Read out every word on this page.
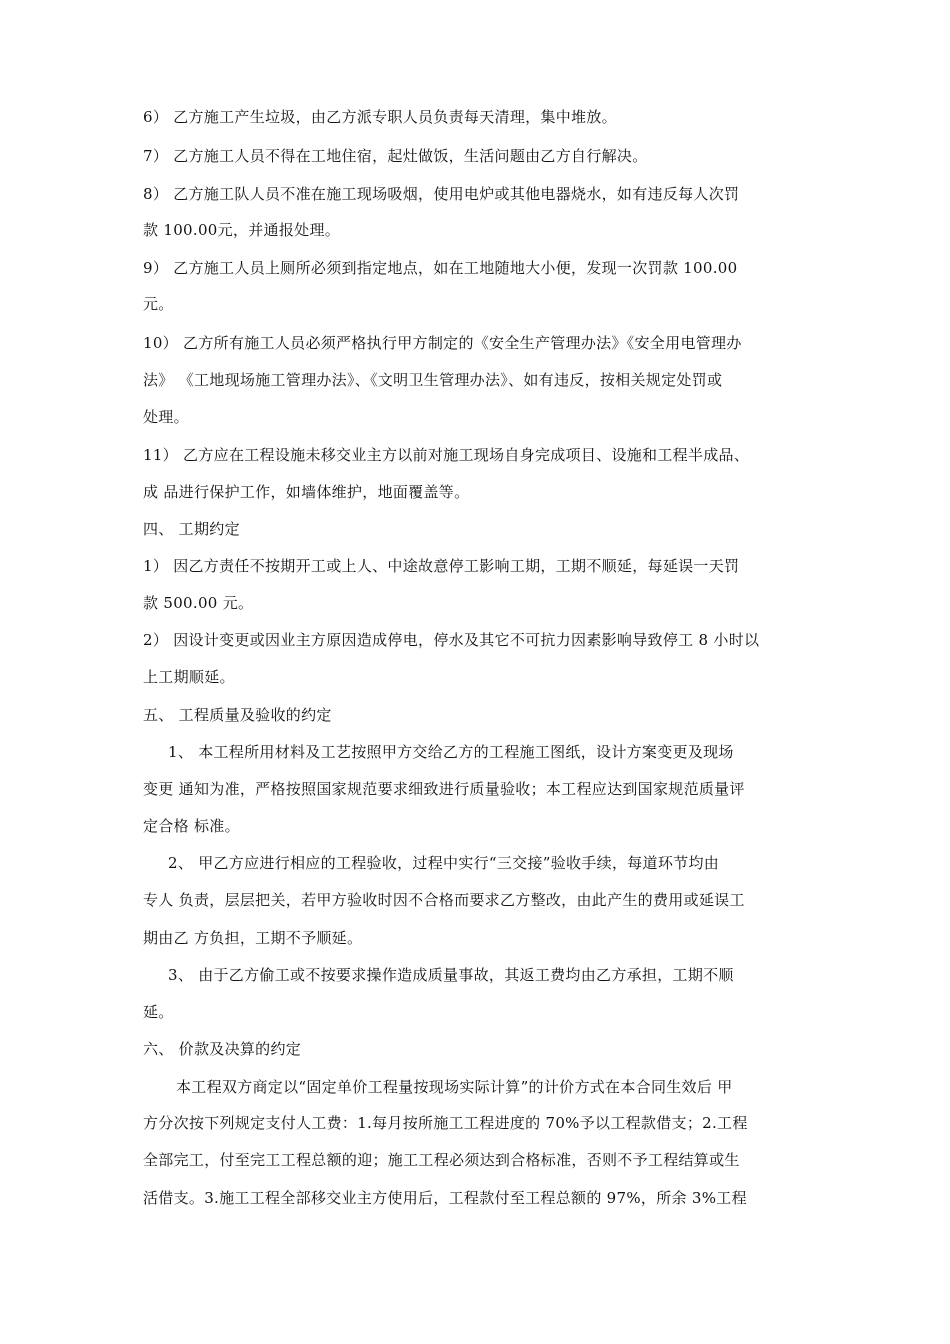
6） 乙方施工产生垃圾，由乙方派专职人员负责每天清理，集中堆放。
7） 乙方施工人员不得在工地住宿，起灶做饭，生活问题由乙方自行解决。
8） 乙方施工队人员不准在施工现场吸烟，使用电炉或其他电器烧水，如有违反每人次罚
款 100.00元，并通报处理。
9） 乙方施工人员上厕所必须到指定地点，如在工地随地大小便，发现一次罚款 100.00
元。
10） 乙方所有施工人员必须严格执行甲方制定的《安全生产管理办法》《安全用电管理办
法》 《工地现场施工管理办法》、《文明卫生管理办法》、如有违反，按相关规定处罚或
处理。
11） 乙方应在工程设施未移交业主方以前对施工现场自身完成项目、设施和工程半成品、
成 品进行保护工作，如墙体维护，地面覆盖等。
四、 工期约定
1） 因乙方责任不按期开工或上人、中途故意停工影响工期，工期不顺延，每延误一天罚
款 500.00 元。
2） 因设计变更或因业主方原因造成停电，停水及其它不可抗力因素影响导致停工 8 小时以
上工期顺延。
五、 工程质量及验收的约定
1、 本工程所用材料及工艺按照甲方交给乙方的工程施工图纸，设计方案变更及现场
变更 通知为准，严格按照国家规范要求细致进行质量验收；本工程应达到国家规范质量评
定合格 标准。
2、 甲乙方应进行相应的工程验收，过程中实行“三交接”验收手续，每道环节均由
专人 负责，层层把关，若甲方验收时因不合格而要求乙方整改，由此产生的费用或延误工
期由乙 方负担，工期不予顺延。
3、 由于乙方偷工或不按要求操作造成质量事故，其返工费均由乙方承担，工期不顺
延。
六、 价款及决算的约定
本工程双方商定以“固定单价工程量按现场实际计算”的计价方式在本合同生效后 甲
方分次按下列规定支付人工费：1.每月按所施工工程进度的 70%予以工程款借支；2.工程
全部完工，付至完工工程总额的迎；施工工程必须达到合格标准，否则不予工程结算或生
活借支。3.施工工程全部移交业主方使用后，工程款付至工程总额的 97%，所余 3%工程
